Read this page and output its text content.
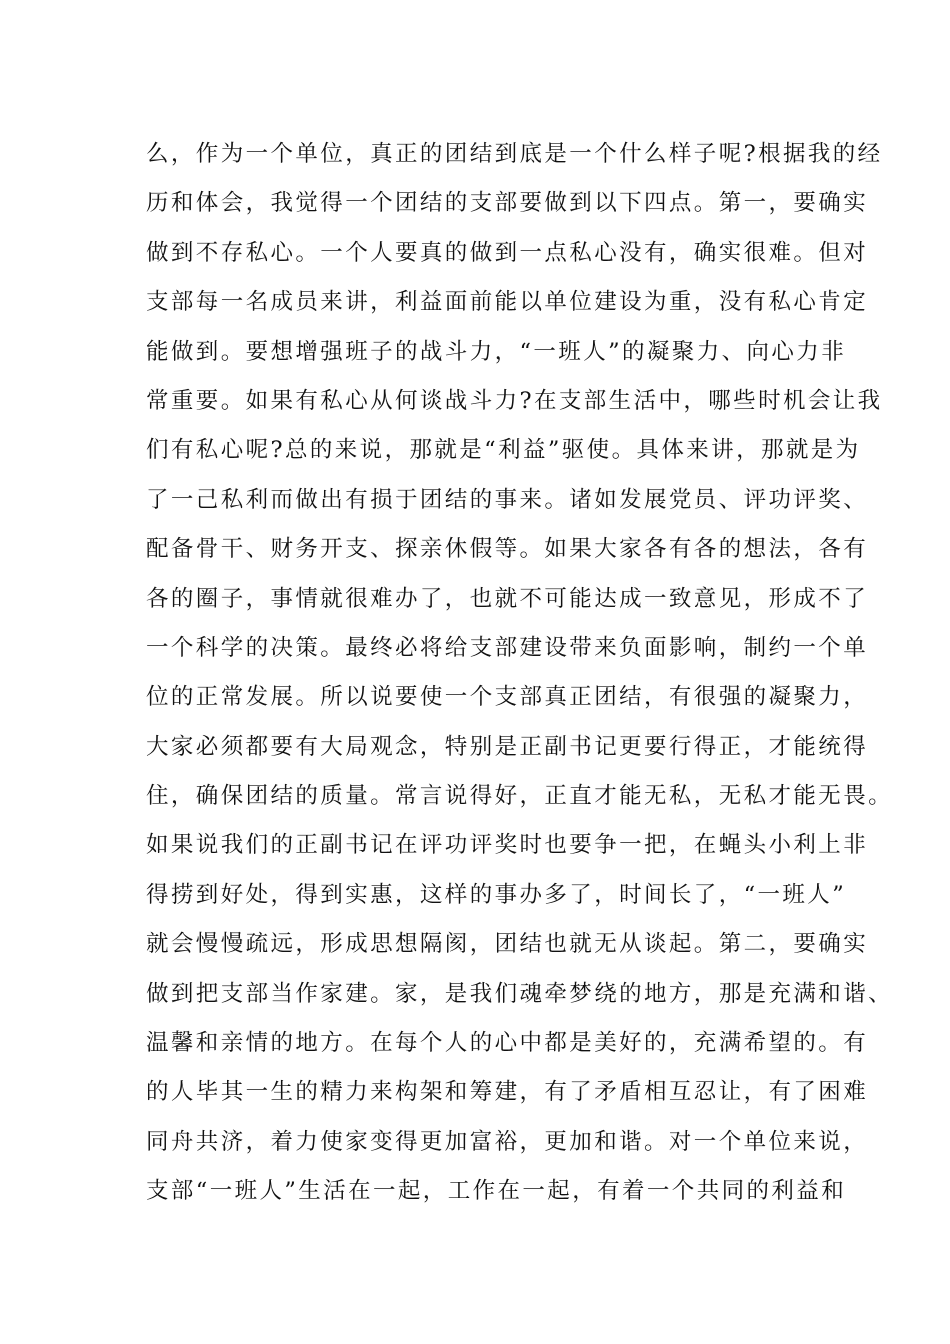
么，作为一个单位，真正的团结到底是一个什么样子呢?根据我的经
历和体会，我觉得一个团结的支部要做到以下四点。第一，要确实
做到不存私心。一个人要真的做到一点私心没有，确实很难。但对
支部每一名成员来讲，利益面前能以单位建设为重，没有私心肯定
能做到。要想增强班子的战斗力，“一班人”的凝聚力、向心力非
常重要。如果有私心从何谈战斗力?在支部生活中，哪些时机会让我
们有私心呢?总的来说，那就是“利益”驱使。具体来讲，那就是为
了一己私利而做出有损于团结的事来。诸如发展党员、评功评奖、
配备骨干、财务开支、探亲休假等。如果大家各有各的想法，各有
各的圈子，事情就很难办了，也就不可能达成一致意见，形成不了
一个科学的决策。最终必将给支部建设带来负面影响，制约一个单
位的正常发展。所以说要使一个支部真正团结，有很强的凝聚力，
大家必须都要有大局观念，特别是正副书记更要行得正，才能统得
住，确保团结的质量。常言说得好，正直才能无私，无私才能无畏。
如果说我们的正副书记在评功评奖时也要争一把，在蝇头小利上非
得捞到好处，得到实惠，这样的事办多了，时间长了，“一班人”
就会慢慢疏远，形成思想隔阂，团结也就无从谈起。第二，要确实
做到把支部当作家建。家，是我们魂牵梦绕的地方，那是充满和谐、
温馨和亲情的地方。在每个人的心中都是美好的，充满希望的。有
的人毕其一生的精力来构架和筹建，有了矛盾相互忍让，有了困难
同舟共济，着力使家变得更加富裕，更加和谐。对一个单位来说，
支部“一班人”生活在一起，工作在一起，有着一个共同的利益和
